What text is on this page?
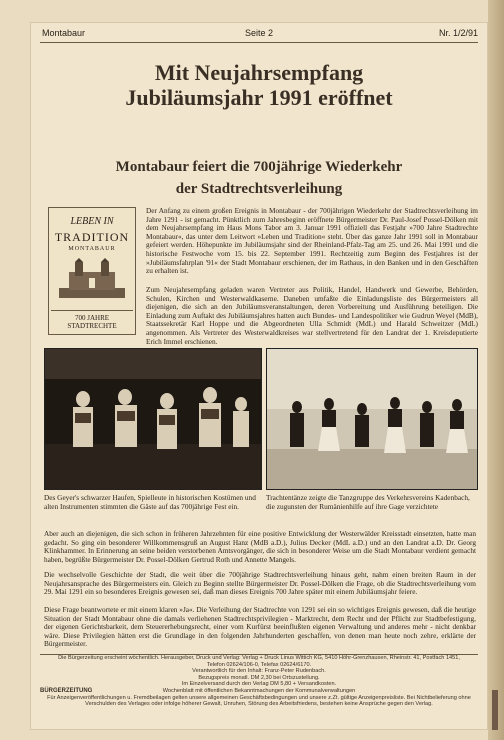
Montabaur	Seite 2	Nr. 1/2/91
Mit Neujahrsempfang
Jubiläumsjahr 1991 eröffnet
Montabaur feiert die 700jährige Wiederkehr
der Stadtrechtsverleihung
LEBEN IN
TRADITION
MONTABAUR
700 JAHRE STADTRECHTE
Der Anfang zu einem großen Ereignis in Montabaur - der 700jährigen Wiederkehr der Stadtrechtsverleihung im Jahre 1291 - ist gemacht. Pünktlich zum Jahresbeginn eröffnete Bürgermeister Dr. Paul-Josef Possel-Dölken mit dem Neujahrsempfang im Haus Mons Tabor am 3. Januar 1991 offiziell das Festjahr »700 Jahre Stadtrechte Montabaur«, das unter dem Leitwort »Leben und Tradition« steht. Über das ganze Jahr 1991 soll in Montabaur gefeiert werden. Höhepunkte im Jubiläumsjahr sind der Rheinland-Pfalz-Tag am 25. und 26. Mai 1991 und die historische Festwoche vom 15. bis 22. September 1991. Rechtzeitig zum Beginn des Festjahres ist der »Jubiläumsfahrplan '91« der Stadt Montabaur erschienen, der im Rathaus, in den Banken und in den Geschäften zu erhalten ist.
Zum Neujahrsempfang geladen waren Vertreter aus Politik, Handel, Handwerk und Gewerbe, Behörden, Schulen, Kirchen und Westerwaldkaserne. Daneben umfaßte die Einladungsliste des Bürgermeisters all diejenigen, die sich an den Jubiläumsveranstaltungen, deren Vorbereitung und Ausführung beteiligen. Die Einladung zum Auftakt des Jubiläumsjahres hatten auch Bundes- und Landespolitiker wie Gudrun Weyel (MdB), Staatssekretär Karl Hoppe und die Abgeordneten Ulla Schmidt (MdL) und Harald Schweitzer (MdL) angenommen. Als Vertreter des Westerwaldkreises war stellvertretend für den Landrat der 1. Kreisdeputierte Erich Immel erschienen.
Des Geyer's schwarzer Haufen, Spielleute in historischen Kostümen und alten Instrumenten stimmten die Gäste auf das 700jährige Fest ein.
Trachtentänze zeigte die Tanzgruppe des Verkehrsvereins Kadenbach, die zugunsten der Rumänienhilfe auf ihre Gage verzichtete
Aber auch an diejenigen, die sich schon in früheren Jahrzehnten für eine positive Entwicklung der Westerwälder Kreisstadt einsetzten, hatte man gedacht. So ging ein besonderer Willkommensgruß an August Hanz (MdB a.D.), Julius Decker (MdL a.D.) und an den Landrat a.D. Dr. Georg Klinkhammer. In Erinnerung an seine beiden verstorbenen Amtsvorgänger, die sich in besonderer Weise um die Stadt Montabaur verdient gemacht haben, begrüßte Bürgermeister Dr. Possel-Dölken Gertrud Roth und Annette Mangels.
Die wechselvolle Geschichte der Stadt, die weit über die 700jährige Stadtrechtsverleihung hinaus geht, nahm einen breiten Raum in der Neujahrsansprache des Bürgermeisters ein. Gleich zu Beginn stellte Bürgermeister Dr. Possel-Dölken die Frage, ob die Stadtrechtsverleihung vom 29. Mai 1291 ein so besonderes Ereignis gewesen sei, daß man dieses Ereignis 700 Jahre später mit einem Jubiläumsjahr feiere.
Diese Frage beantwortete er mit einem klaren »Ja«. Die Verleihung der Stadtrechte von 1291 sei ein so wichtiges Ereignis gewesen, daß die heutige Situation der Stadt Montabaur ohne die damals verliehenen Stadtrechtsprivilegien - Marktrecht, dem Recht und der Pflicht zur Stadtbefestigung, der eigenen Gerichtsbarkeit, dem Steuererhebungsrecht, einer vom Kurfürst beeinflußten eigenen Verwaltung und anderes mehr - nicht denkbar wäre. Diese Privilegien hätten erst die Grundlage in den folgenden Jahrhunderten geschaffen, von denen man heute noch zehre, erklärte der Bürgermeister.
Die Bürgerzeitung erscheint wöchentlich. Herausgeber, Druck und Verlag: Verlag + Druck Linus Wittich KG, 5410 Höhr-Grenzhausen, Rheinstr. 41, Postfach 1451,
Telefon 02624/106-0, Telefax 02624/6170.
Verantwortlich für den Inhalt: Franz-Peter Rudenbach.
Bezugspreis monatl. DM 2,30 bei Ortszustellung.
Im Einzelversand durch den Verlag DM 5,80 + Versandkosten.
BÜRGERZEITUNG	Wochenblatt mit öffentlichen Bekanntmachungen der Kommunalverwaltungen
Für Anzeigenveröffentlichungen u. Fremdbeilagen gelten unsere allgemeinen Geschäftsbedingungen und unsere z.Zt. gültige Anzeigenpreisliste. Bei Nichtbelieferung ohne Verschulden des Verlages oder infolge höherer Gewalt, Unruhen, Störung des Arbeitsfriedens, bestehen keine Ansprüche gegen den Verlag.
